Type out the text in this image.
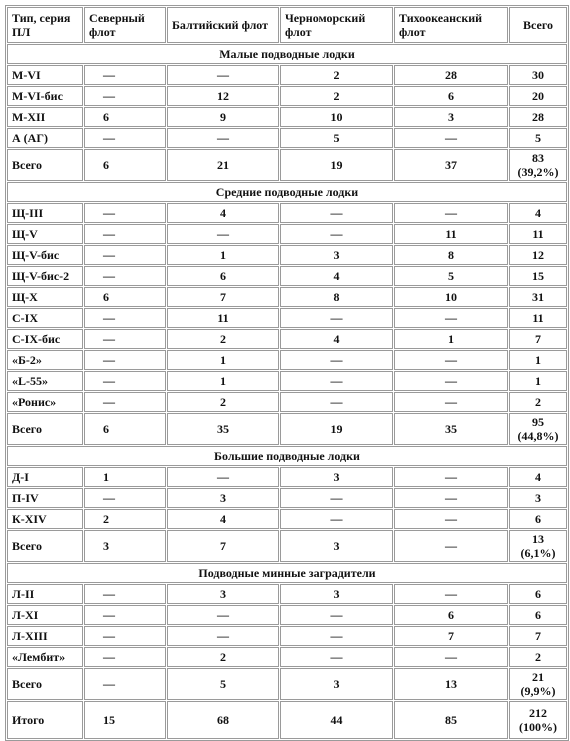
Тип, серия ПЛ	Северный флот	Балтийский флот	Черноморский флот	Тихоокеанский флот	Всего
Малые подводные лодки					
М-VI	—	—	2	28	30
М-VI-бис	—	12	2	6	20
М-XII	6	9	10	3	28
А (АГ)	—	—	5	—	5
Всего	6	21	19	37	83 (39,2%)
Средние подводные лодки					
Щ-III	—	4	—	—	4
Щ-V	—	—	—	11	11
Щ-V-бис	—	1	3	8	12
Щ-V-бис-2	—	6	4	5	15
Щ-X	6	7	8	10	31
С-IX	—	11	—	—	11
С-IX-бис	—	2	4	1	7
«Б-2»	—	1	—	—	1
«L-55»	—	1	—	—	1
«Ронис»	—	2	—	—	2
Всего	6	35	19	35	95 (44,8%)
Большие подводные лодки					
Д-I	1	—	3	—	4
П-IV	—	3	—	—	3
К-XIV	2	4	—	—	6
Всего	3	7	3	—	13 (6,1%)
Подводные минные заградители					
Л-II	—	3	3	—	6
Л-XI	—	—	—	6	6
Л-XIII	—	—	—	7	7
«Лембит»	—	2	—	—	2
Всего	—	5	3	13	21 (9,9%)
Итого	15	68	44	85	212 (100%)
